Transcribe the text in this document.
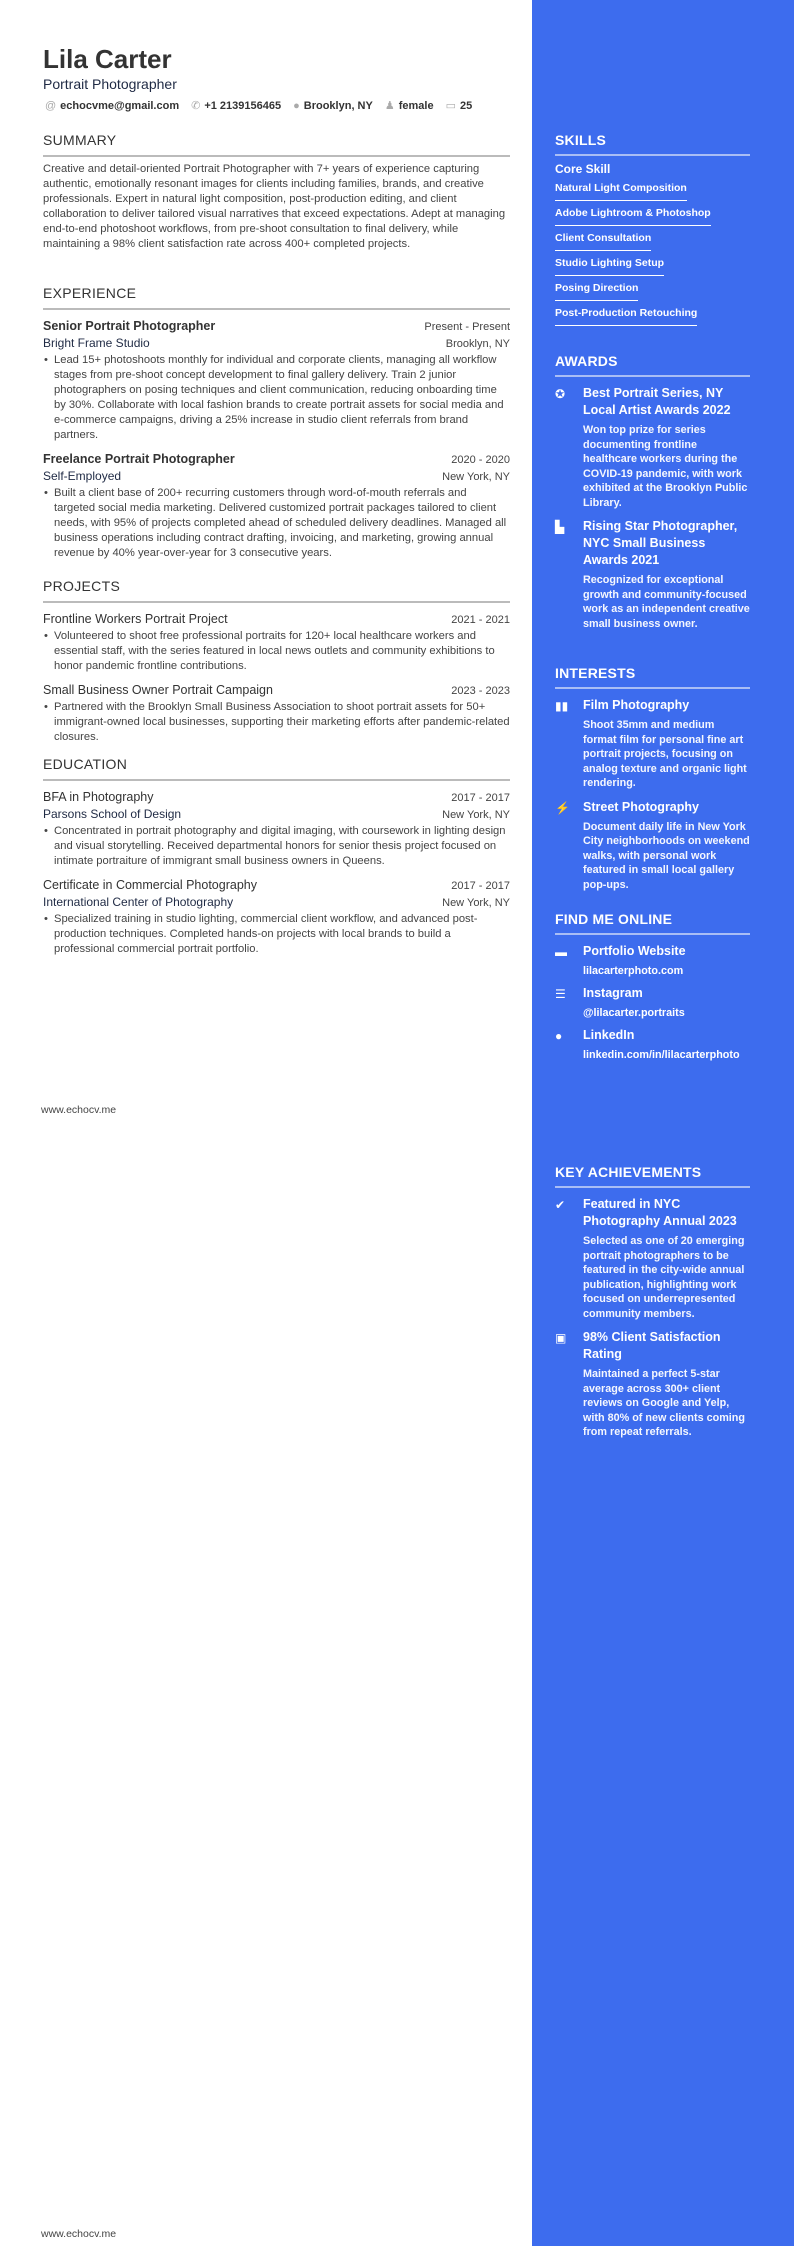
Lila Carter
Portrait Photographer
@ echocvme@gmail.com ✆ +1 2139156465 ● Brooklyn, NY ♟ female ▭ 25
SUMMARY
Creative and detail-oriented Portrait Photographer with 7+ years of experience capturing authentic, emotionally resonant images for clients including families, brands, and creative professionals. Expert in natural light composition, post-production editing, and client collaboration to deliver tailored visual narratives that exceed expectations. Adept at managing end-to-end photoshoot workflows, from pre-shoot consultation to final delivery, while maintaining a 98% client satisfaction rate across 400+ completed projects.
EXPERIENCE
Senior Portrait Photographer	Present - Present
Bright Frame Studio	Brooklyn, NY
• Lead 15+ photoshoots monthly for individual and corporate clients, managing all workflow stages from pre-shoot concept development to final gallery delivery. Train 2 junior photographers on posing techniques and client communication, reducing onboarding time by 30%. Collaborate with local fashion brands to create portrait assets for social media and e-commerce campaigns, driving a 25% increase in studio client referrals from brand partners.
Freelance Portrait Photographer	2020 - 2020
Self-Employed	New York, NY
• Built a client base of 200+ recurring customers through word-of-mouth referrals and targeted social media marketing. Delivered customized portrait packages tailored to client needs, with 95% of projects completed ahead of scheduled delivery deadlines. Managed all business operations including contract drafting, invoicing, and marketing, growing annual revenue by 40% year-over-year for 3 consecutive years.
PROJECTS
Frontline Workers Portrait Project	2021 - 2021
• Volunteered to shoot free professional portraits for 120+ local healthcare workers and essential staff, with the series featured in local news outlets and community exhibitions to honor pandemic frontline contributions.
Small Business Owner Portrait Campaign	2023 - 2023
• Partnered with the Brooklyn Small Business Association to shoot portrait assets for 50+ immigrant-owned local businesses, supporting their marketing efforts after pandemic-related closures.
EDUCATION
BFA in Photography	2017 - 2017
Parsons School of Design	New York, NY
• Concentrated in portrait photography and digital imaging, with coursework in lighting design and visual storytelling. Received departmental honors for senior thesis project focused on intimate portraiture of immigrant small business owners in Queens.
Certificate in Commercial Photography	2017 - 2017
International Center of Photography	New York, NY
• Specialized training in studio lighting, commercial client workflow, and advanced post-production techniques. Completed hands-on projects with local brands to build a professional commercial portrait portfolio.
www.echocv.me
www.echocv.me
SKILLS
Core Skill
Natural Light Composition
Adobe Lightroom & Photoshop
Client Consultation
Studio Lighting Setup
Posing Direction
Post-Production Retouching
AWARDS
✪	Best Portrait Series, NY Local Artist Awards 2022
Won top prize for series documenting frontline healthcare workers during the COVID-19 pandemic, with work exhibited at the Brooklyn Public Library.
▙	Rising Star Photographer, NYC Small Business Awards 2021
Recognized for exceptional growth and community-focused work as an independent creative small business owner.
INTERESTS
▮▮	Film Photography
Shoot 35mm and medium format film for personal fine art portrait projects, focusing on analog texture and organic light rendering.
⚡	Street Photography
Document daily life in New York City neighborhoods on weekend walks, with personal work featured in small local gallery pop-ups.
FIND ME ONLINE
▬	Portfolio Website
lilacarterphoto.com
☰	Instagram
@lilacarter.portraits
●	LinkedIn
linkedin.com/in/lilacarterphoto
KEY ACHIEVEMENTS
✔	Featured in NYC Photography Annual 2023
Selected as one of 20 emerging portrait photographers to be featured in the city-wide annual publication, highlighting work focused on underrepresented community members.
▣	98% Client Satisfaction Rating
Maintained a perfect 5-star average across 300+ client reviews on Google and Yelp, with 80% of new clients coming from repeat referrals.
